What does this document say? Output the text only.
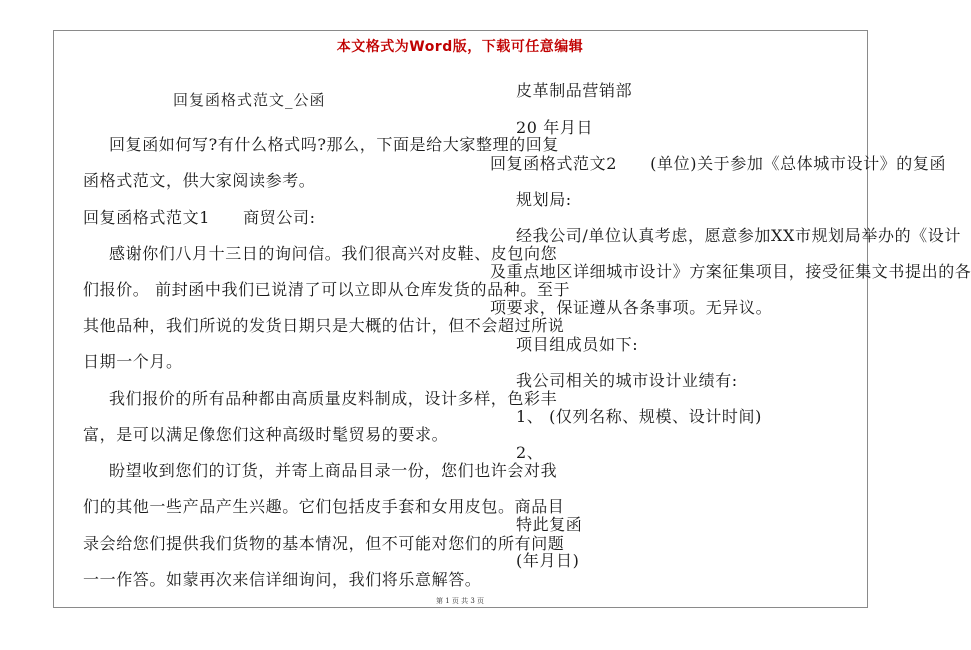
本文格式为Word版，下载可任意编辑
回复函格式范文_公函
回复函如何写?有什么格式吗?那么，下面是给大家整理的回复
函格式范文，供大家阅读参考。
回复函格式范文1　　商贸公司:
感谢你们八月十三日的询问信。我们很高兴对皮鞋、皮包向您
们报价。 前封函中我们已说清了可以立即从仓库发货的品种。至于
其他品种，我们所说的发货日期只是大概的估计，但不会超过所说
日期一个月。
我们报价的所有品种都由高质量皮料制成，设计多样，色彩丰
富，是可以满足像您们这种高级时髦贸易的要求。
盼望收到您们的订货，并寄上商品目录一份，您们也许会对我
们的其他一些产品产生兴趣。它们包括皮手套和女用皮包。商品目
录会给您们提供我们货物的基本情况，但不可能对您们的所有问题
一一作答。如蒙再次来信详细询问，我们将乐意解答。
皮革制品营销部
20 年月日
回复函格式范文2　　(单位)关于参加《总体城市设计》的复函
规划局:
经我公司/单位认真考虑，愿意参加XX市规划局举办的《设计
及重点地区详细城市设计》方案征集项目，接受征集文书提出的各
项要求，保证遵从各条事项。无异议。
项目组成员如下:
我公司相关的城市设计业绩有:
1、 (仅列名称、规模、设计时间)
2、
特此复函
(年月日)
第 1 页 共 3 页
